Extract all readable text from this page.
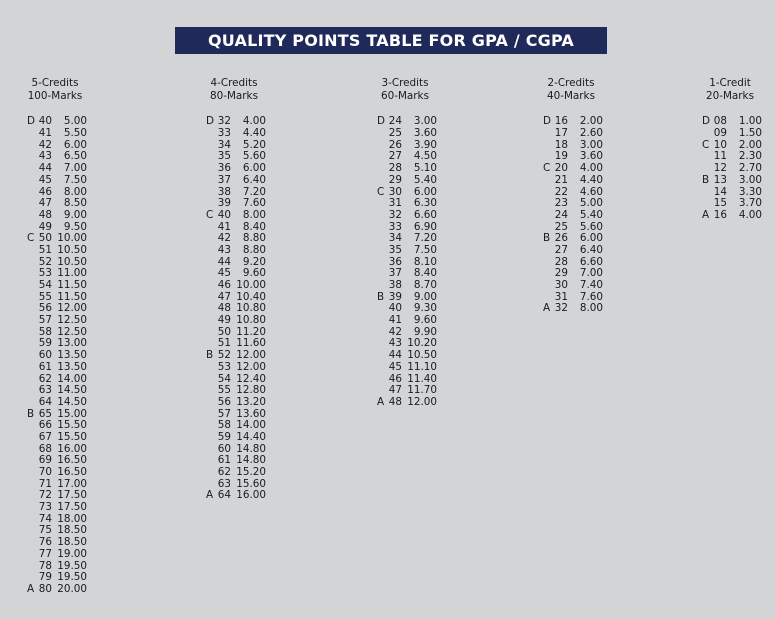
QUALITY POINTS TABLE FOR GPA / CGPA
5-Credits
100-Marks
D 40	5.00
41	5.50
42	6.00
43	6.50
44	7.00
45	7.50
46	8.00
47	8.50
48	9.00
49	9.50
C 50 10.00
51 10.50
52 10.50
53 11.00
54 11.50
55 11.50
56 12.00
57 12.50
58 12.50
59 13.00
60 13.50
61 13.50
62 14.00
63 14.50
64 14.50
B 65 15.00
66 15.50
67 15.50
68 16.00
69 16.50
70 16.50
71 17.00
72 17.50
73 17.50
74 18.00
75 18.50
76 18.50
77 19.00
78 19.50
79 19.50
A 80 20.00
4-Credits
80-Marks
D 32	4.00
33	4.40
34	5.20
35	5.60
36	6.00
37	6.40
38	7.20
39	7.60
C 40	8.00
41	8.40
42	8.80
43	8.80
44	9.20
45	9.60
46 10.00
47 10.40
48 10.80
49 10.80
50 11.20
51 11.60
B 52 12.00
53 12.00
54 12.40
55 12.80
56 13.20
57 13.60
58 14.00
59 14.40
60 14.80
61 14.80
62 15.20
63 15.60
A 64 16.00
3-Credits
60-Marks
D 24	3.00
25	3.60
26	3.90
27	4.50
28	5.10
29	5.40
C 30	6.00
31	6.30
32	6.60
33	6.90
34	7.20
35	7.50
36	8.10
37	8.40
38	8.70
B 39	9.00
40	9.30
41	9.60
42	9.90
43 10.20
44 10.50
45 11.10
46 11.40
47 11.70
A 48 12.00
2-Credits
40-Marks
D 16	2.00
17	2.60
18	3.00
19	3.60
C 20	4.00
21	4.40
22	4.60
23	5.00
24	5.40
25	5.60
B 26	6.00
27	6.40
28	6.60
29	7.00
30	7.40
31	7.60
A 32	8.00
1-Credit
20-Marks
D 08	1.00
09	1.50
C 10	2.00
11	2.30
12	2.70
B 13	3.00
14	3.30
15	3.70
A 16	4.00
